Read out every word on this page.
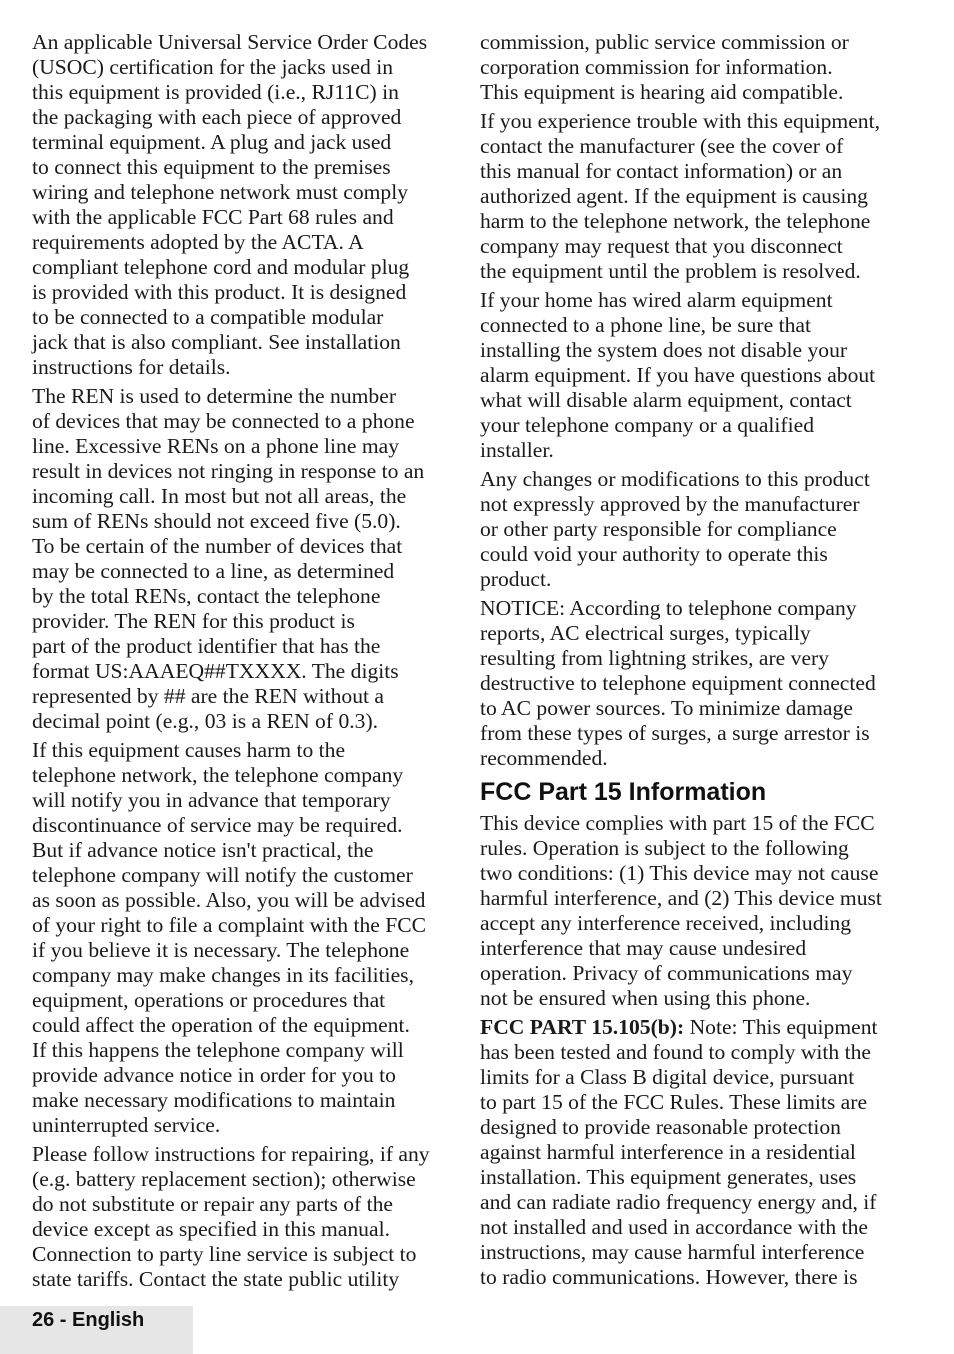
An applicable Universal Service Order Codes
(USOC) certification for the jacks used in
this equipment is provided (i.e., RJ11C) in
the packaging with each piece of approved
terminal equipment. A plug and jack used
to connect this equipment to the premises
wiring and telephone network must comply
with the applicable FCC Part 68 rules and
requirements adopted by the ACTA. A
compliant telephone cord and modular plug
is provided with this product. It is designed
to be connected to a compatible modular
jack that is also compliant. See installation
instructions for details.
The REN is used to determine the number
of devices that may be connected to a phone
line. Excessive RENs on a phone line may
result in devices not ringing in response to an
incoming call. In most but not all areas, the
sum of RENs should not exceed five (5.0).
To be certain of the number of devices that
may be connected to a line, as determined
by the total RENs, contact the telephone
provider. The REN for this product is
part of the product identifier that has the
format US:AAAEQ##TXXXX. The digits
represented by ## are the REN without a
decimal point (e.g., 03 is a REN of 0.3).
If this equipment causes harm to the
telephone network, the telephone company
will notify you in advance that temporary
discontinuance of service may be required.
But if advance notice isn't practical, the
telephone company will notify the customer
as soon as possible. Also, you will be advised
of your right to file a complaint with the FCC
if you believe it is necessary. The telephone
company may make changes in its facilities,
equipment, operations or procedures that
could affect the operation of the equipment.
If this happens the telephone company will
provide advance notice in order for you to
make necessary modifications to maintain
uninterrupted service.
Please follow instructions for repairing, if any
(e.g. battery replacement section); otherwise
do not substitute or repair any parts of the
device except as specified in this manual.
Connection to party line service is subject to
state tariffs. Contact the state public utility
commission, public service commission or
corporation commission for information.
This equipment is hearing aid compatible.
If you experience trouble with this equipment,
contact the manufacturer (see the cover of
this manual for contact information) or an
authorized agent. If the equipment is causing
harm to the telephone network, the telephone
company may request that you disconnect
the equipment until the problem is resolved.
If your home has wired alarm equipment
connected to a phone line, be sure that
installing the system does not disable your
alarm equipment. If you have questions about
what will disable alarm equipment, contact
your telephone company or a qualified
installer.
Any changes or modifications to this product
not expressly approved by the manufacturer
or other party responsible for compliance
could void your authority to operate this
product.
NOTICE: According to telephone company
reports, AC electrical surges, typically
resulting from lightning strikes, are very
destructive to telephone equipment connected
to AC power sources. To minimize damage
from these types of surges, a surge arrestor is
recommended.
FCC Part 15 Information
This device complies with part 15 of the FCC
rules. Operation is subject to the following
two conditions: (1) This device may not cause
harmful interference, and (2) This device must
accept any interference received, including
interference that may cause undesired
operation. Privacy of communications may
not be ensured when using this phone.
FCC PART 15.105(b): Note: This equipment
has been tested and found to comply with the
limits for a Class B digital device, pursuant
to part 15 of the FCC Rules. These limits are
designed to provide reasonable protection
against harmful interference in a residential
installation. This equipment generates, uses
and can radiate radio frequency energy and, if
not installed and used in accordance with the
instructions, may cause harmful interference
to radio communications. However, there is
26 - English
